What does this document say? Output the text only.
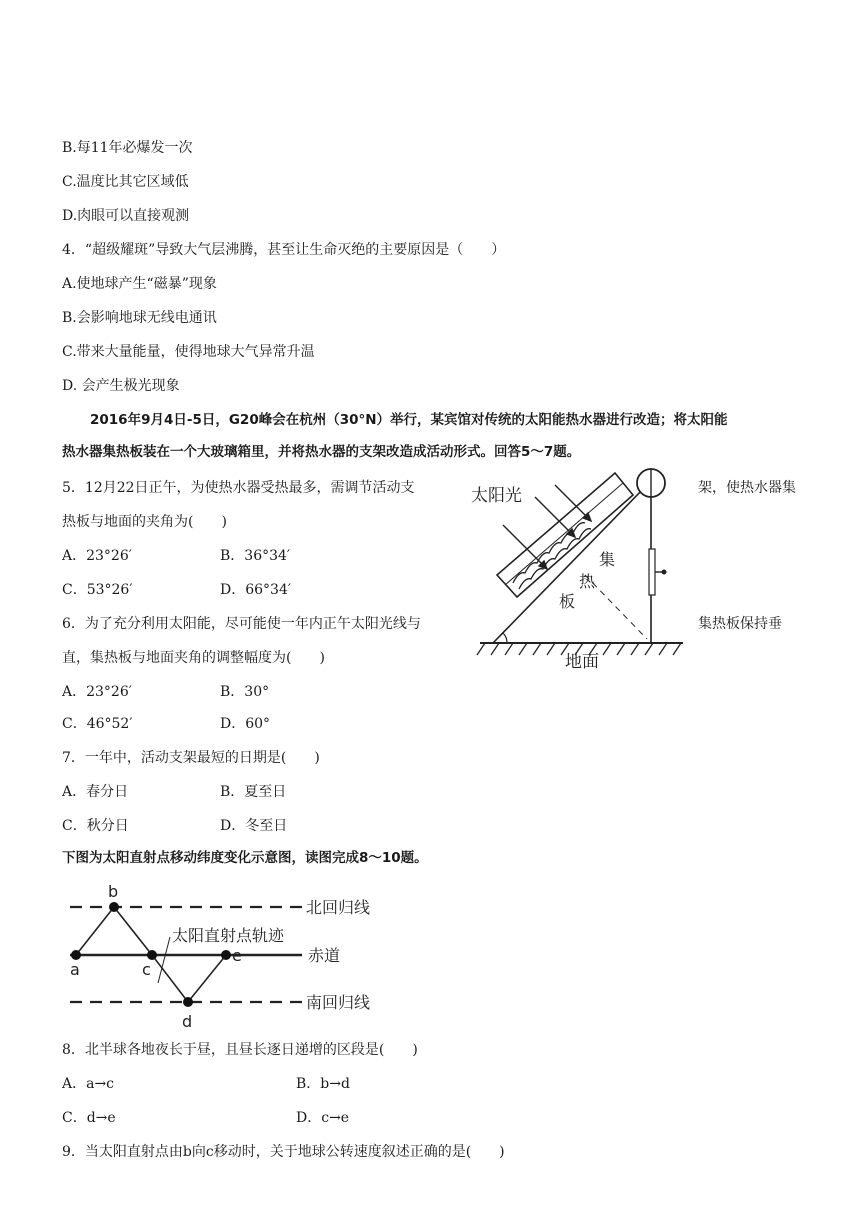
B.每11年必爆发一次
C.温度比其它区域低
D.肉眼可以直接观测
4．“超级耀斑”导致大气层沸腾，甚至让生命灭绝的主要原因是（　　）
A.使地球产生“磁暴”现象
B.会影响地球无线电通讯
C.带来大量能量，使得地球大气异常升温
D. 会产生极光现象
2016年9月4日-5日，G20峰会在杭州（30°N）举行，某宾馆对传统的太阳能热水器进行改造；将太阳能
热水器集热板装在一个大玻璃箱里，并将热水器的支架改造成活动形式。回答5～7题。
5．12月22日正午，为使热水器受热最多，需调节活动支	架，使热水器集
热板与地面的夹角为(　　)
A．23°26′	B．36°34′
C．53°26′	D．66°34′
6．为了充分利用太阳能，尽可能使一年内正午太阳光线与	集热板保持垂
直，集热板与地面夹角的调整幅度为(　　)
A．23°26′	B．30°
C．46°52′	D．60°
7．一年中，活动支架最短的日期是(　　)
A．春分日	B．夏至日
C．秋分日	D．冬至日
太阳光
集
热
板
地面
下图为太阳直射点移动纬度变化示意图，读图完成8～10题。
北回归线
赤道
南回归线
太阳直射点轨迹
a
b
c
d
e
8．北半球各地夜长于昼，且昼长逐日递增的区段是(　　)
A．a→c	B．b→d
C．d→e	D．c→e
9．当太阳直射点由b向c移动时，关于地球公转速度叙述正确的是(　　)
